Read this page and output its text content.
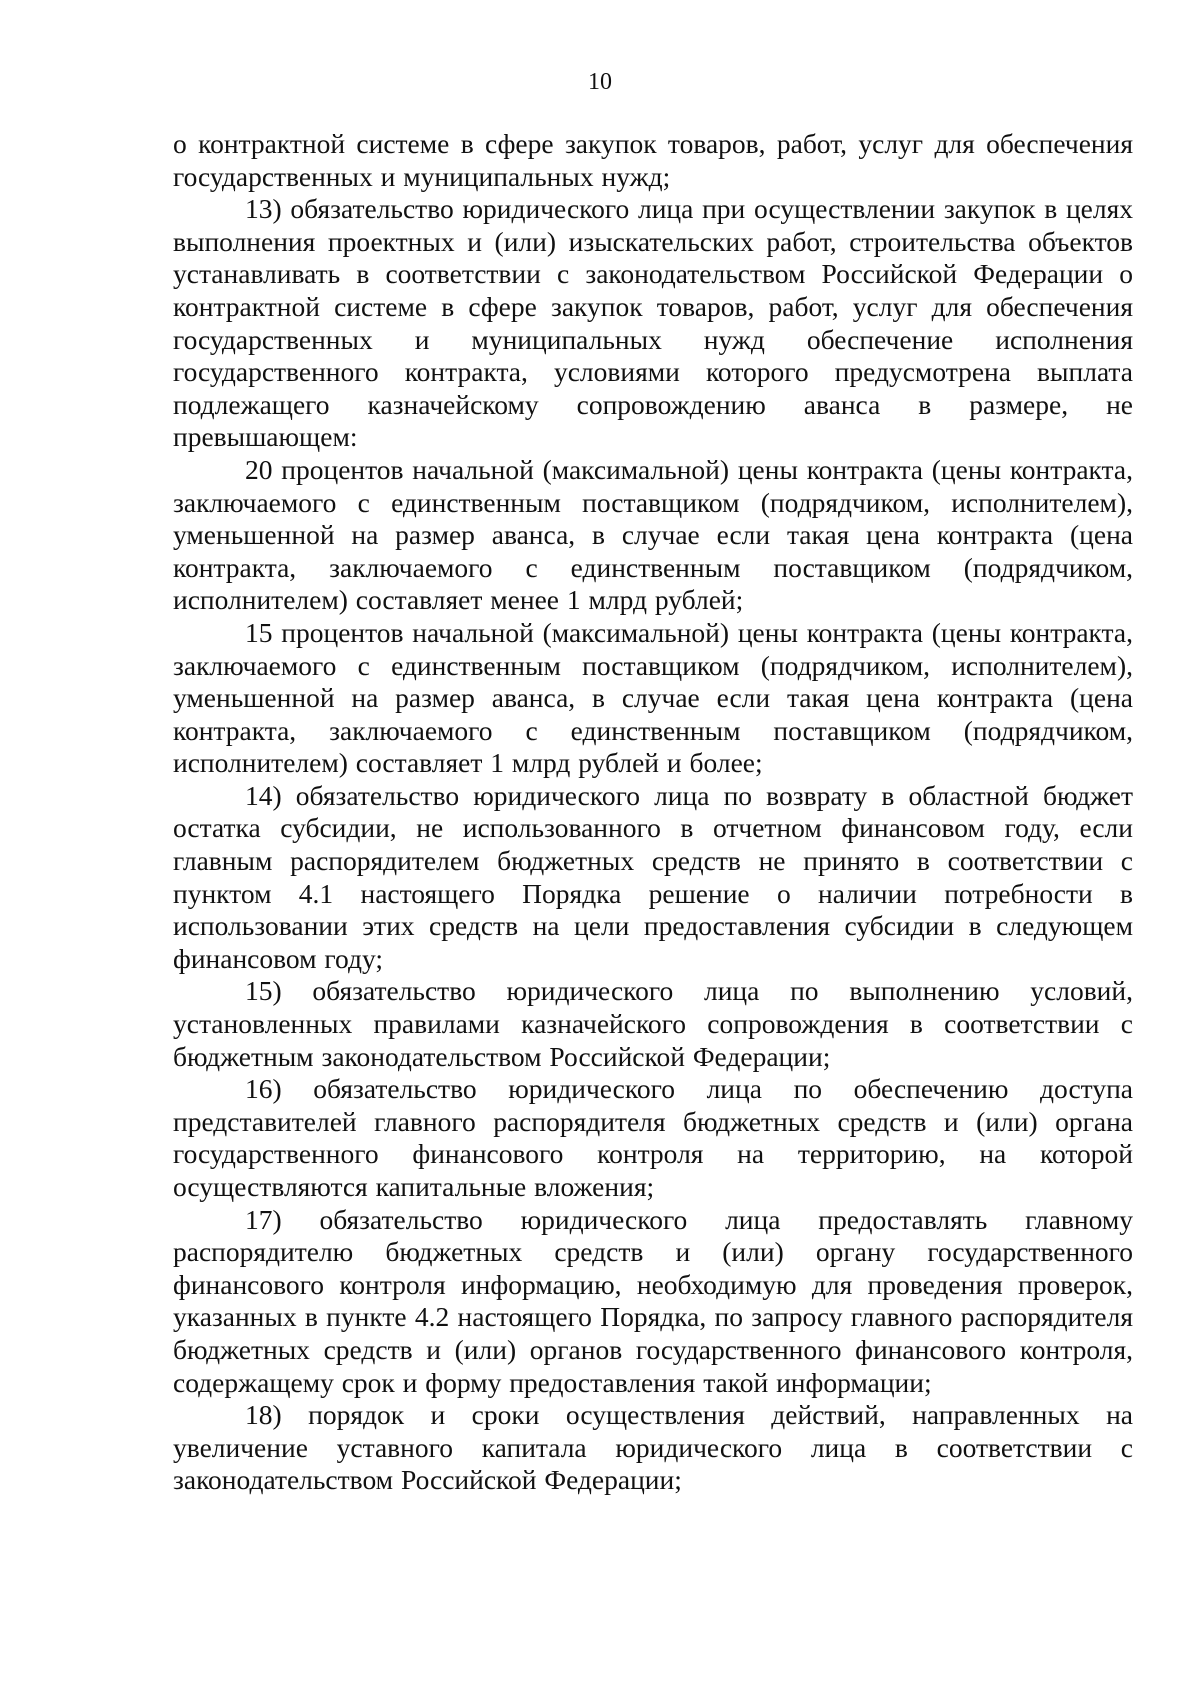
10

о контрактной системе в сфере закупок товаров, работ, услуг для обеспечения государственных и муниципальных нужд;

13) обязательство юридического лица при осуществлении закупок в целях выполнения проектных и (или) изыскательских работ, строительства объектов устанавливать в соответствии с законодательством Российской Федерации о контрактной системе в сфере закупок товаров, работ, услуг для обеспечения государственных и муниципальных нужд обеспечение исполнения государственного контракта, условиями которого предусмотрена выплата подлежащего казначейскому сопровождению аванса в размере, не превышающем:

20 процентов начальной (максимальной) цены контракта (цены контракта, заключаемого с единственным поставщиком (подрядчиком, исполнителем), уменьшенной на размер аванса, в случае если такая цена контракта (цена контракта, заключаемого с единственным поставщиком (подрядчиком, исполнителем) составляет менее 1 млрд рублей;

15 процентов начальной (максимальной) цены контракта (цены контракта, заключаемого с единственным поставщиком (подрядчиком, исполнителем), уменьшенной на размер аванса, в случае если такая цена контракта (цена контракта, заключаемого с единственным поставщиком (подрядчиком, исполнителем) составляет 1 млрд рублей и более;

14) обязательство юридического лица по возврату в областной бюджет остатка субсидии, не использованного в отчетном финансовом году, если главным распорядителем бюджетных средств не принято в соответствии с пунктом 4.1 настоящего Порядка решение о наличии потребности в использовании этих средств на цели предоставления субсидии в следующем финансовом году;

15) обязательство юридического лица по выполнению условий, установленных правилами казначейского сопровождения в соответствии с бюджетным законодательством Российской Федерации;

16) обязательство юридического лица по обеспечению доступа представителей главного распорядителя бюджетных средств и (или) органа государственного финансового контроля на территорию, на которой осуществляются капитальные вложения;

17) обязательство юридического лица предоставлять главному распорядителю бюджетных средств и (или) органу государственного финансового контроля информацию, необходимую для проведения проверок, указанных в пункте 4.2 настоящего Порядка, по запросу главного распорядителя бюджетных средств и (или) органов государственного финансового контроля, содержащему срок и форму предоставления такой информации;

18) порядок и сроки осуществления действий, направленных на увеличение уставного капитала юридического лица в соответствии с законодательством Российской Федерации;
